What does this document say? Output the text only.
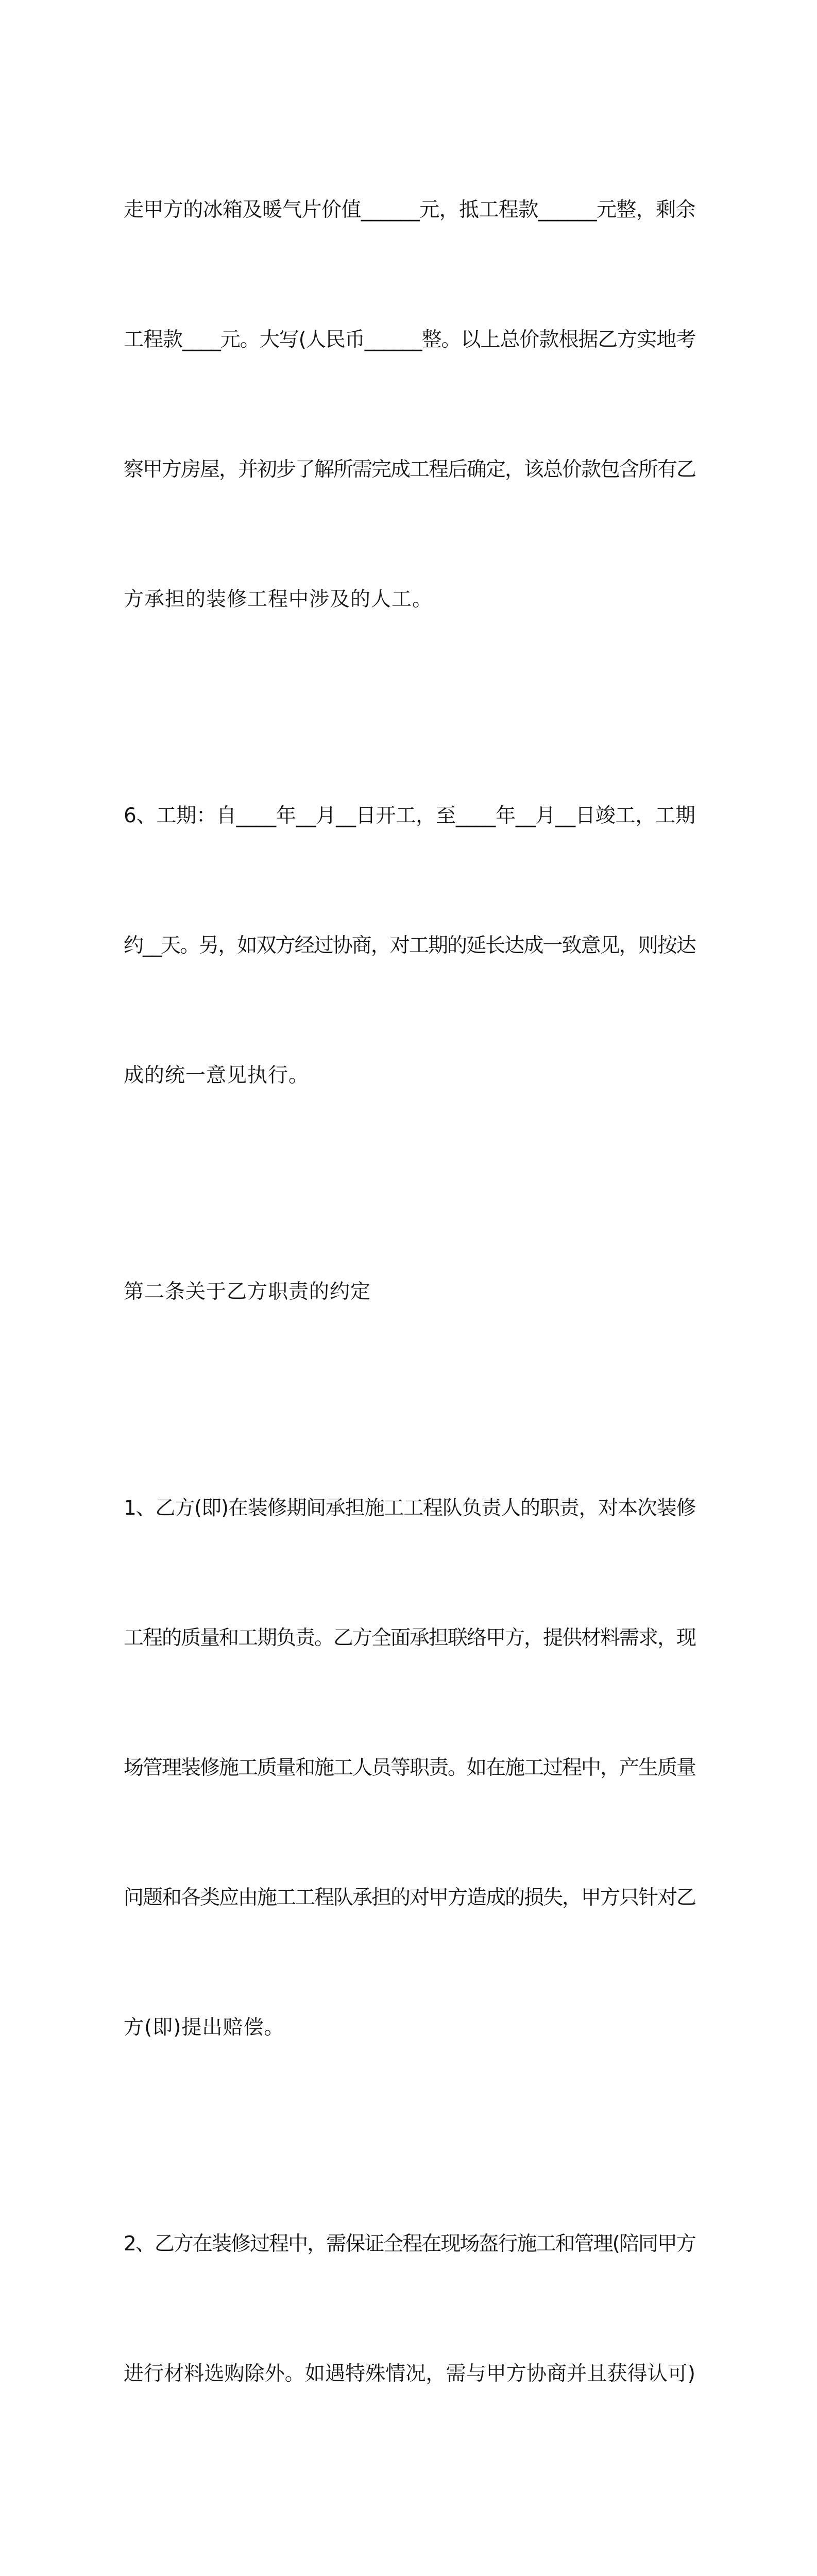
走甲方的冰箱及暖气片价值______元，抵工程款______元整，剩余

工程款____元。大写(人民币______整。以上总价款根据乙方实地考

察甲方房屋，并初步了解所需完成工程后确定，该总价款包含所有乙

方承担的装修工程中涉及的人工。

6、工期：自____年__月__日开工，至____年__月__日竣工，工期

约__天。另，如双方经过协商，对工期的延长达成一致意见，则按达

成的统一意见执行。

第二条关于乙方职责的约定

1、乙方(即)在装修期间承担施工工程队负责人的职责，对本次装修

工程的质量和工期负责。乙方全面承担联络甲方，提供材料需求，现

场管理装修施工质量和施工人员等职责。如在施工过程中，产生质量

问题和各类应由施工工程队承担的对甲方造成的损失，甲方只针对乙

方(即)提出赔偿。

2、乙方在装修过程中，需保证全程在现场盔行施工和管理(陪同甲方

进行材料选购除外。如遇特殊情况，需与甲方协商并且获得认可)
